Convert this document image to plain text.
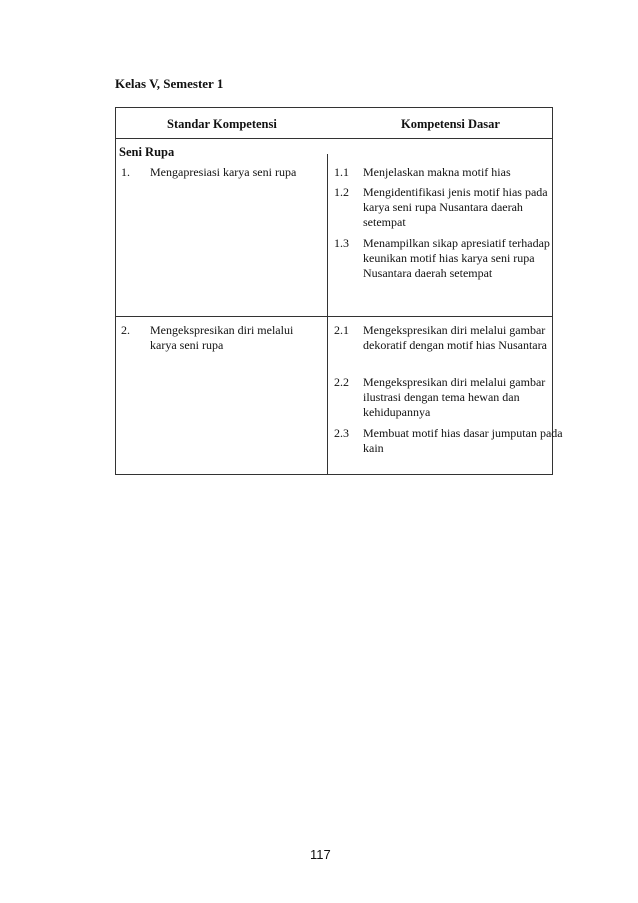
Kelas V, Semester 1
Standar Kompetensi	Kompetensi Dasar
Seni Rupa
1. Mengapresiasi karya seni rupa	1.1 Menjelaskan makna motif hias
1.2 Mengidentifikasi jenis motif hias pada karya seni rupa Nusantara daerah setempat
1.3 Menampilkan sikap apresiatif terhadap keunikan motif hias karya seni rupa Nusantara daerah setempat
2. Mengekspresikan diri melalui karya seni rupa
2.1 Mengekspresikan diri melalui gambar dekoratif dengan motif hias Nusantara
2.2 Mengekspresikan diri melalui gambar ilustrasi dengan tema hewan dan kehidupannya
2.3 Membuat motif hias dasar jumputan pada kain
117
